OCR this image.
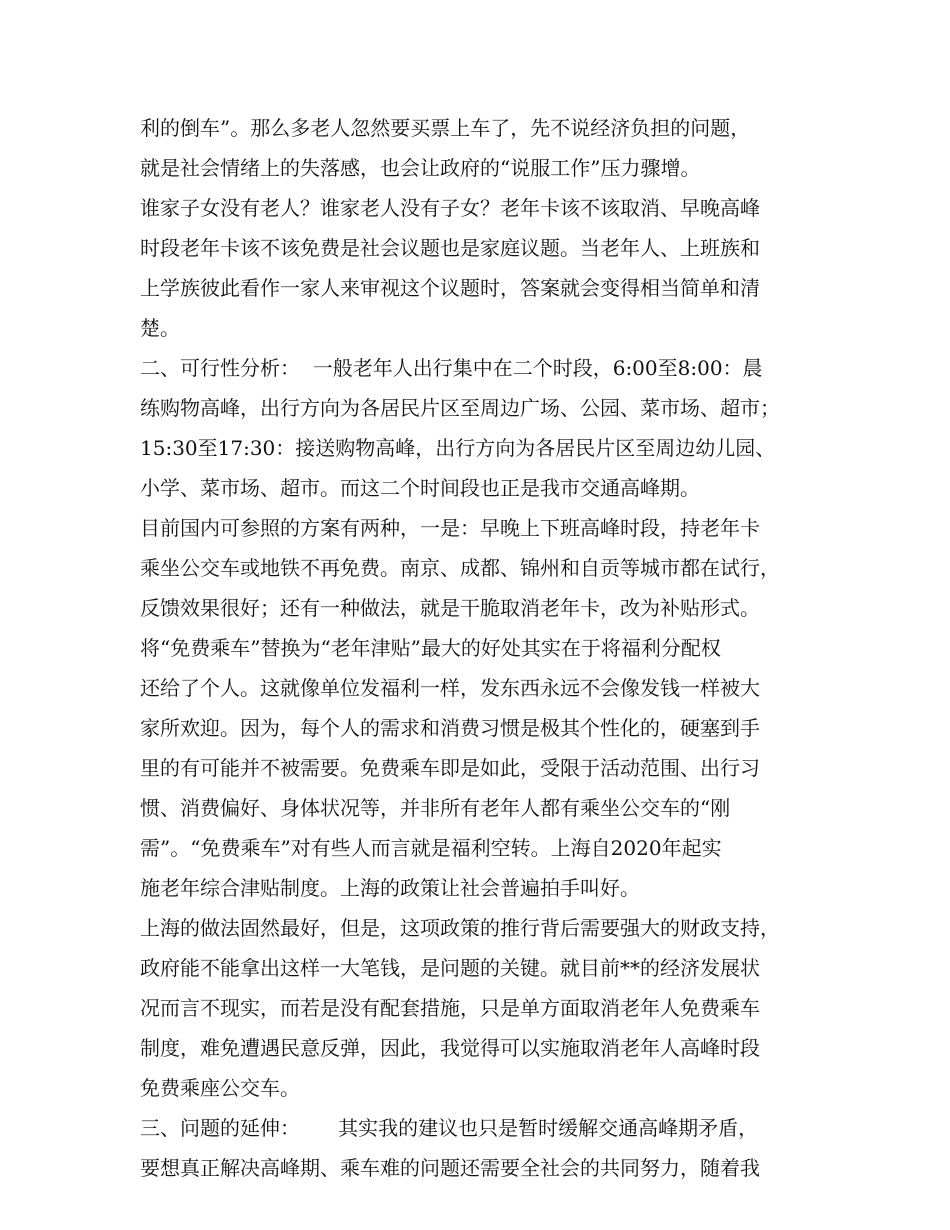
利的倒车”。那么多老人忽然要买票上车了，先不说经济负担的问题，
就是社会情绪上的失落感，也会让政府的“说服工作”压力骤增。
谁家子女没有老人？谁家老人没有子女？老年卡该不该取消、早晚高峰
时段老年卡该不该免费是社会议题也是家庭议题。当老年人、上班族和
上学族彼此看作一家人来审视这个议题时，答案就会变得相当简单和清
楚。
二、可行性分析：  一般老年人出行集中在二个时段，6:00至8:00：晨
练购物高峰，出行方向为各居民片区至周边广场、公园、菜市场、超市；
15:30至17:30：接送购物高峰，出行方向为各居民片区至周边幼儿园、
小学、菜市场、超市。而这二个时间段也正是我市交通高峰期。
目前国内可参照的方案有两种，一是：早晚上下班高峰时段，持老年卡
乘坐公交车或地铁不再免费。南京、成都、锦州和自贡等城市都在试行，
反馈效果很好；还有一种做法，就是干脆取消老年卡，改为补贴形式。
将“免费乘车”替换为“老年津贴”最大的好处其实在于将福利分配权
还给了个人。这就像单位发福利一样，发东西永远不会像发钱一样被大
家所欢迎。因为，每个人的需求和消费习惯是极其个性化的，硬塞到手
里的有可能并不被需要。免费乘车即是如此，受限于活动范围、出行习
惯、消费偏好、身体状况等，并非所有老年人都有乘坐公交车的“刚
需”。“免费乘车”对有些人而言就是福利空转。上海自2020年起实
施老年综合津贴制度。上海的政策让社会普遍拍手叫好。
上海的做法固然最好，但是，这项政策的推行背后需要强大的财政支持，
政府能不能拿出这样一大笔钱，是问题的关键。就目前**的经济发展状
况而言不现实，而若是没有配套措施，只是单方面取消老年人免费乘车
制度，难免遭遇民意反弹，因此，我觉得可以实施取消老年人高峰时段
免费乘座公交车。
三、问题的延伸：      其实我的建议也只是暂时缓解交通高峰期矛盾，
要想真正解决高峰期、乘车难的问题还需要全社会的共同努力，随着我
